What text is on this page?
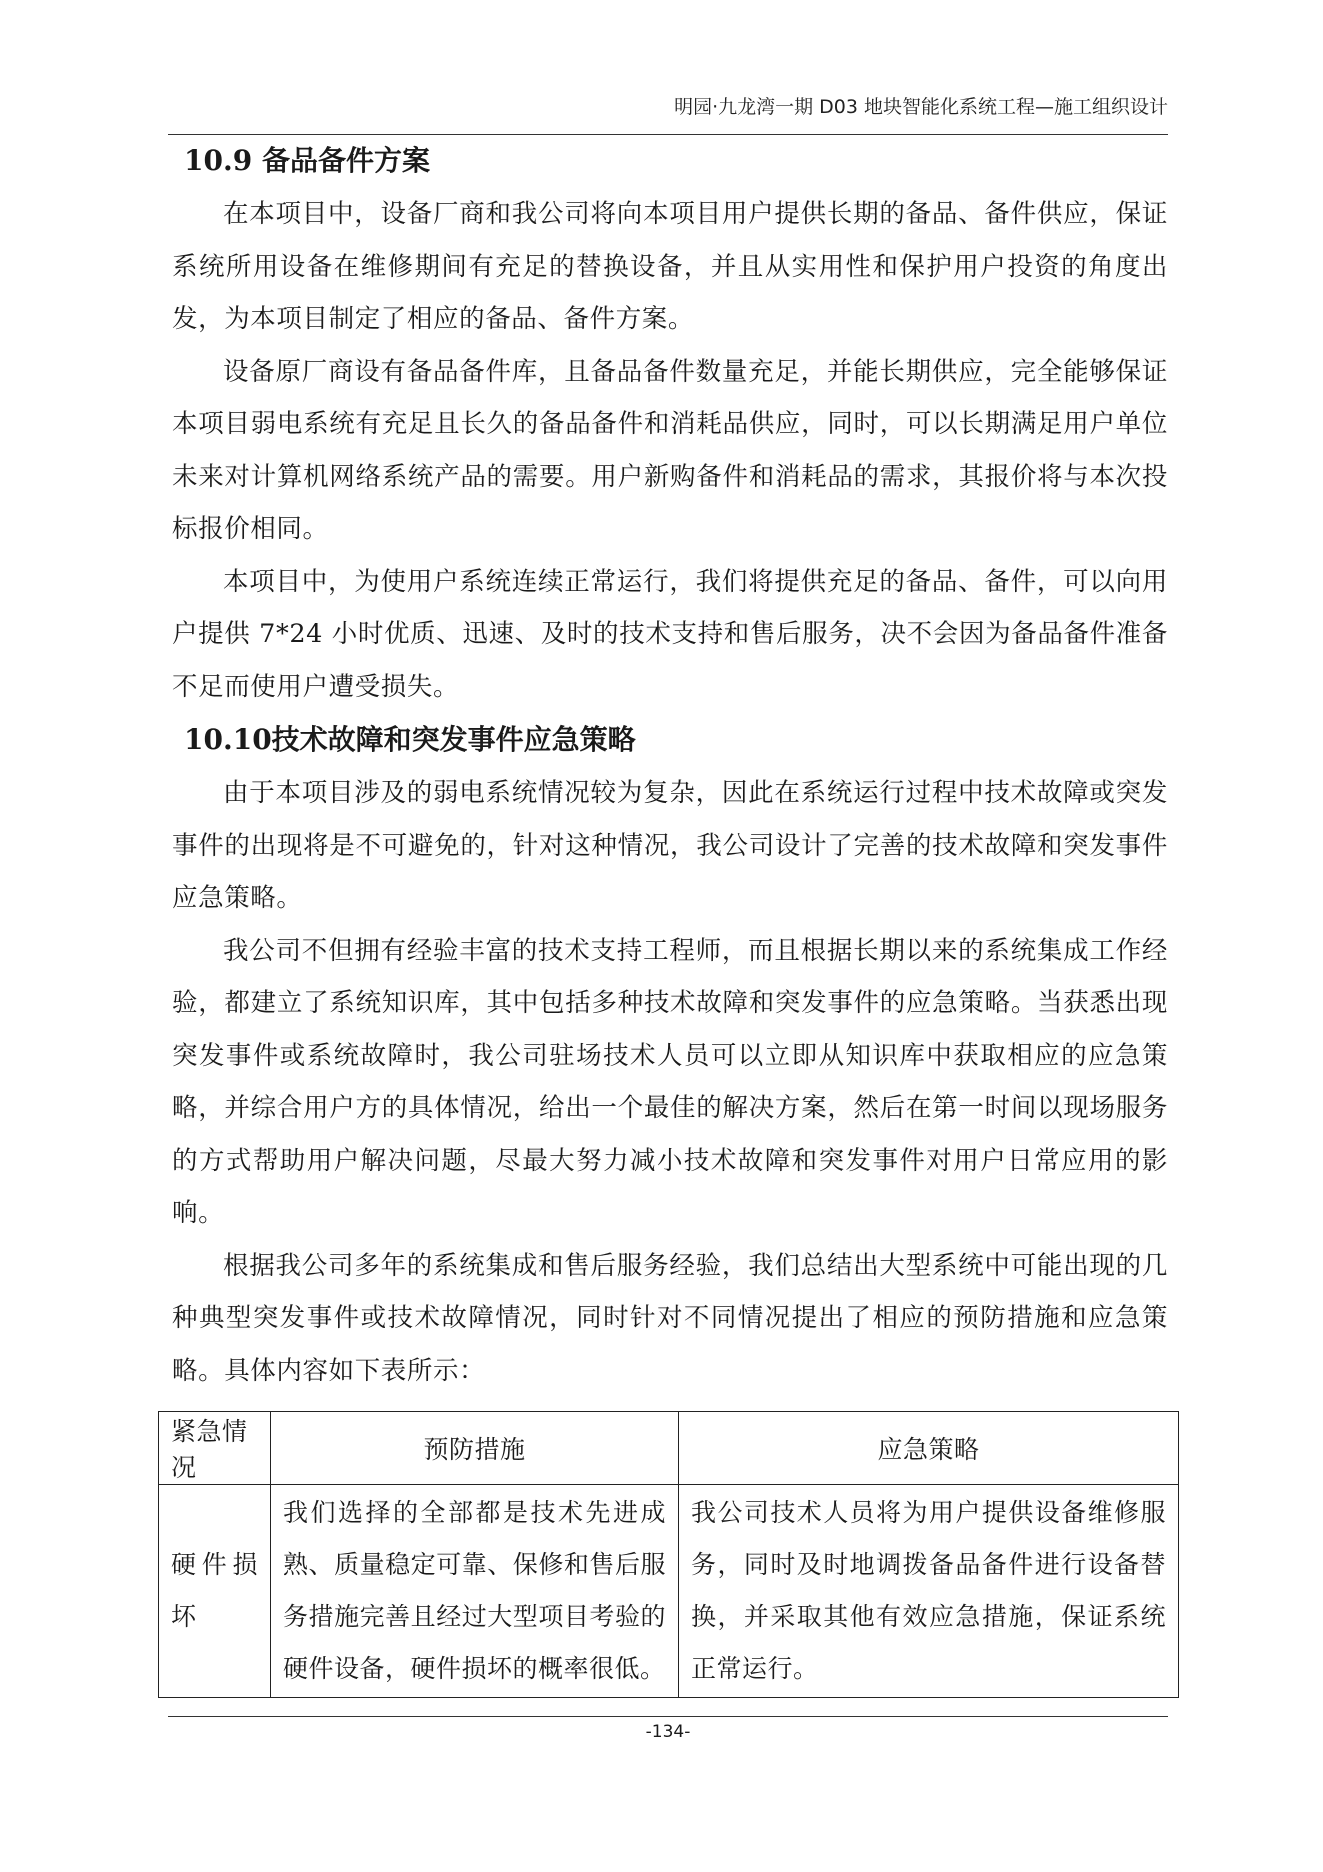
明园·九龙湾一期 D03 地块智能化系统工程—施工组织设计
10.9 备品备件方案

在本项目中，设备厂商和我公司将向本项目用户提供长期的备品、备件供应，保证系统所用设备在维修期间有充足的替换设备，并且从实用性和保护用户投资的角度出发，为本项目制定了相应的备品、备件方案。

设备原厂商设有备品备件库，且备品备件数量充足，并能长期供应，完全能够保证本项目弱电系统有充足且长久的备品备件和消耗品供应，同时，可以长期满足用户单位未来对计算机网络系统产品的需要。用户新购备件和消耗品的需求，其报价将与本次投标报价相同。

本项目中，为使用户系统连续正常运行，我们将提供充足的备品、备件，可以向用户提供 7*24 小时优质、迅速、及时的技术支持和售后服务，决不会因为备品备件准备不足而使用户遭受损失。

10.10技术故障和突发事件应急策略

由于本项目涉及的弱电系统情况较为复杂，因此在系统运行过程中技术故障或突发事件的出现将是不可避免的，针对这种情况，我公司设计了完善的技术故障和突发事件应急策略。

我公司不但拥有经验丰富的技术支持工程师，而且根据长期以来的系统集成工作经验，都建立了系统知识库，其中包括多种技术故障和突发事件的应急策略。当获悉出现突发事件或系统故障时，我公司驻场技术人员可以立即从知识库中获取相应的应急策略，并综合用户方的具体情况，给出一个最佳的解决方案，然后在第一时间以现场服务的方式帮助用户解决问题，尽最大努力减小技术故障和突发事件对用户日常应用的影响。

根据我公司多年的系统集成和售后服务经验，我们总结出大型系统中可能出现的几种典型突发事件或技术故障情况，同时针对不同情况提出了相应的预防措施和应急策略。具体内容如下表所示：

紧急情况	预防措施	应急策略
硬件损坏	我们选择的全部都是技术先进成熟、质量稳定可靠、保修和售后服务措施完善且经过大型项目考验的硬件设备，硬件损坏的概率很低。	我公司技术人员将为用户提供设备维修服务，同时及时地调拨备品备件进行设备替换，并采取其他有效应急措施，保证系统正常运行。
-134-
